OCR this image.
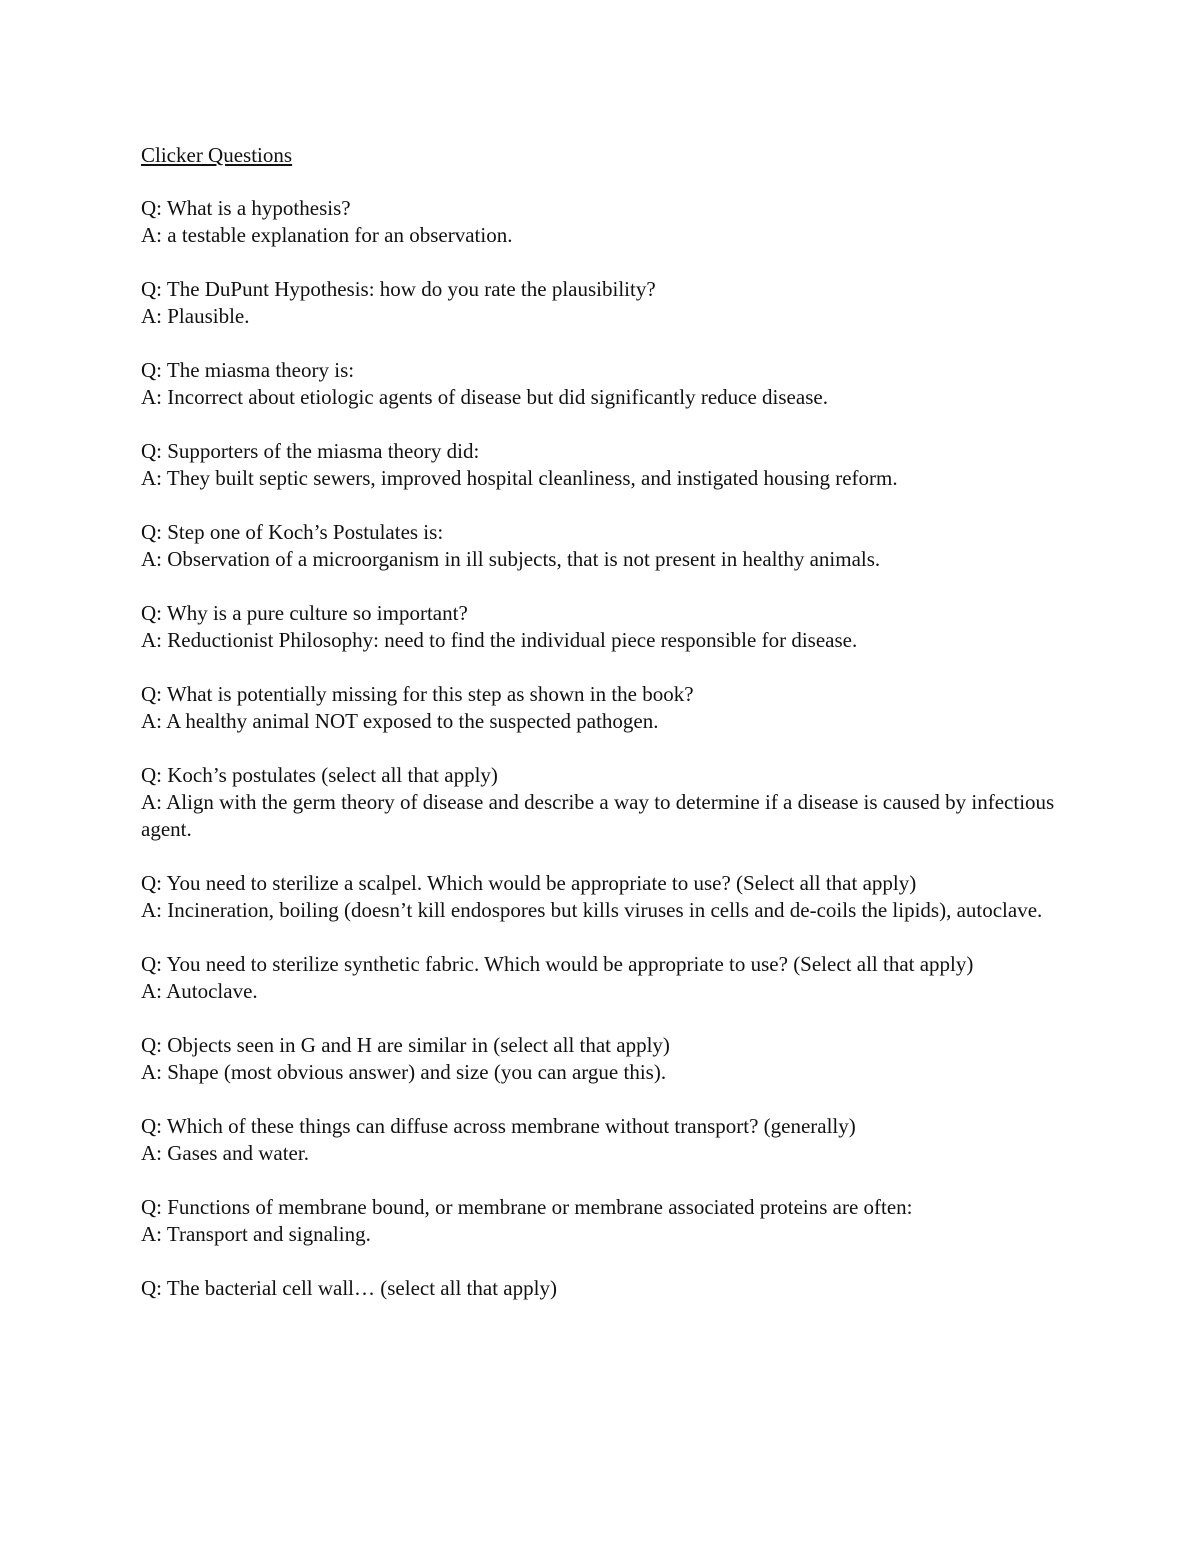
Clicker Questions

Q: What is a hypothesis?

A: a testable explanation for an observation.

Q: The DuPunt Hypothesis: how do you rate the plausibility?

A: Plausible.

Q: The miasma theory is:

A: Incorrect about etiologic agents of disease but did significantly reduce disease.

Q: Supporters of the miasma theory did:

A: They built septic sewers, improved hospital cleanliness, and instigated housing reform.

Q: Step one of Koch’s Postulates is:

A: Observation of a microorganism in ill subjects, that is not present in healthy animals.

Q: Why is a pure culture so important?

A: Reductionist Philosophy: need to find the individual piece responsible for disease.

Q: What is potentially missing for this step as shown in the book?

A: A healthy animal NOT exposed to the suspected pathogen.

Q: Koch’s postulates (select all that apply)

A: Align with the germ theory of disease and describe a way to determine if a disease is caused by infectious agent.

Q: You need to sterilize a scalpel. Which would be appropriate to use? (Select all that apply)

A: Incineration, boiling (doesn’t kill endospores but kills viruses in cells and de-coils the lipids), autoclave.

Q: You need to sterilize synthetic fabric. Which would be appropriate to use? (Select all that apply)

A: Autoclave.

Q: Objects seen in G and H are similar in (select all that apply)

A: Shape (most obvious answer) and size (you can argue this).

Q: Which of these things can diffuse across membrane without transport? (generally)

A: Gases and water.

Q: Functions of membrane bound, or membrane or membrane associated proteins are often:

A: Transport and signaling.

Q: The bacterial cell wall… (select all that apply)
